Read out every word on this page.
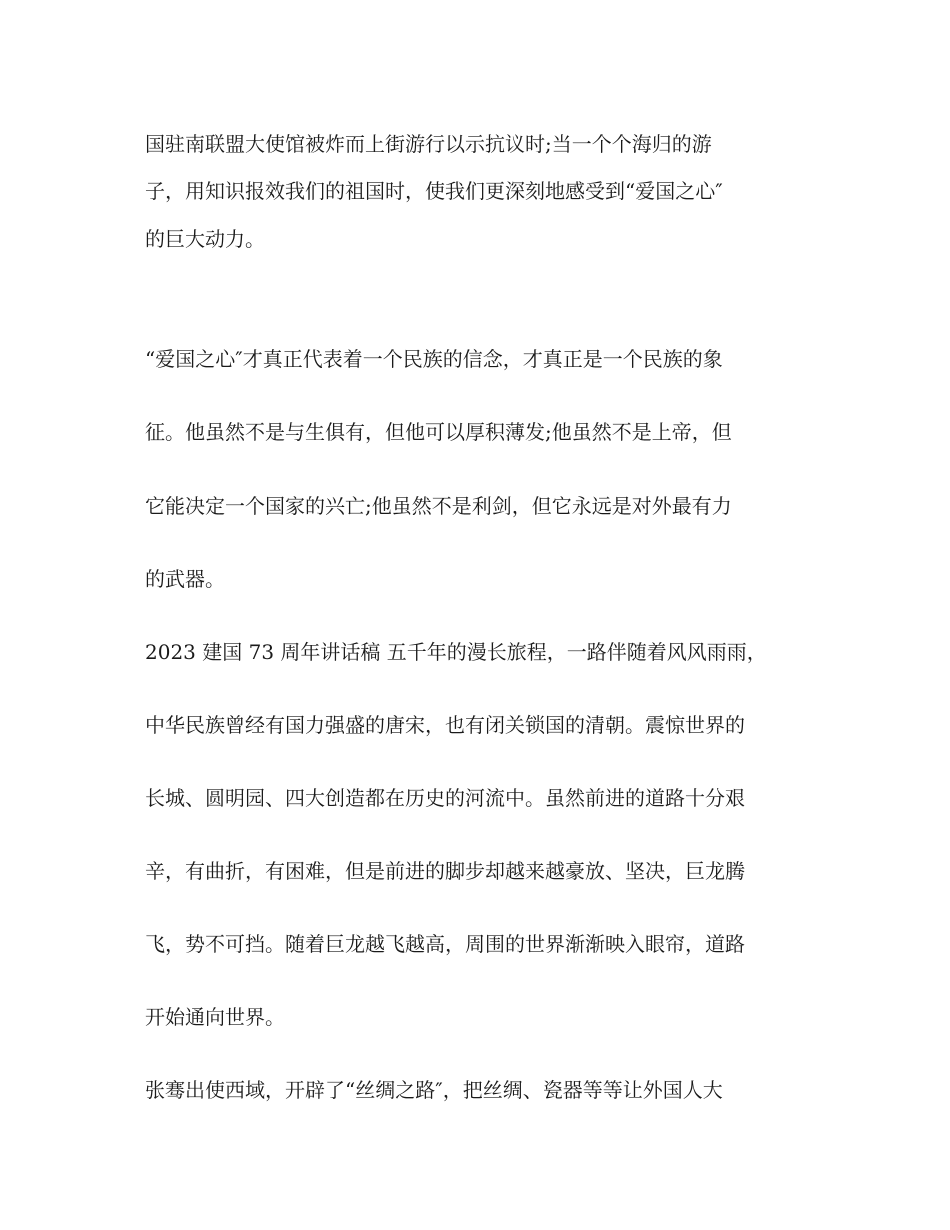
国驻南联盟大使馆被炸而上街游行以示抗议时;当一个个海归的游
子，用知识报效我们的祖国时，使我们更深刻地感受到“爱国之心″
的巨大动力。
“爱国之心″才真正代表着一个民族的信念，才真正是一个民族的象
征。他虽然不是与生俱有，但他可以厚积薄发;他虽然不是上帝，但
它能决定一个国家的兴亡;他虽然不是利剑，但它永远是对外最有力
的武器。
2023 建国 73 周年讲话稿 五千年的漫长旅程，一路伴随着风风雨雨，
中华民族曾经有国力强盛的唐宋，也有闭关锁国的清朝。震惊世界的
长城、圆明园、四大创造都在历史的河流中。虽然前进的道路十分艰
辛，有曲折，有困难，但是前进的脚步却越来越豪放、坚决，巨龙腾
飞，势不可挡。随着巨龙越飞越高，周围的世界渐渐映入眼帘，道路
开始通向世界。
张骞出使西域，开辟了“丝绸之路″，把丝绸、瓷器等等让外国人大
